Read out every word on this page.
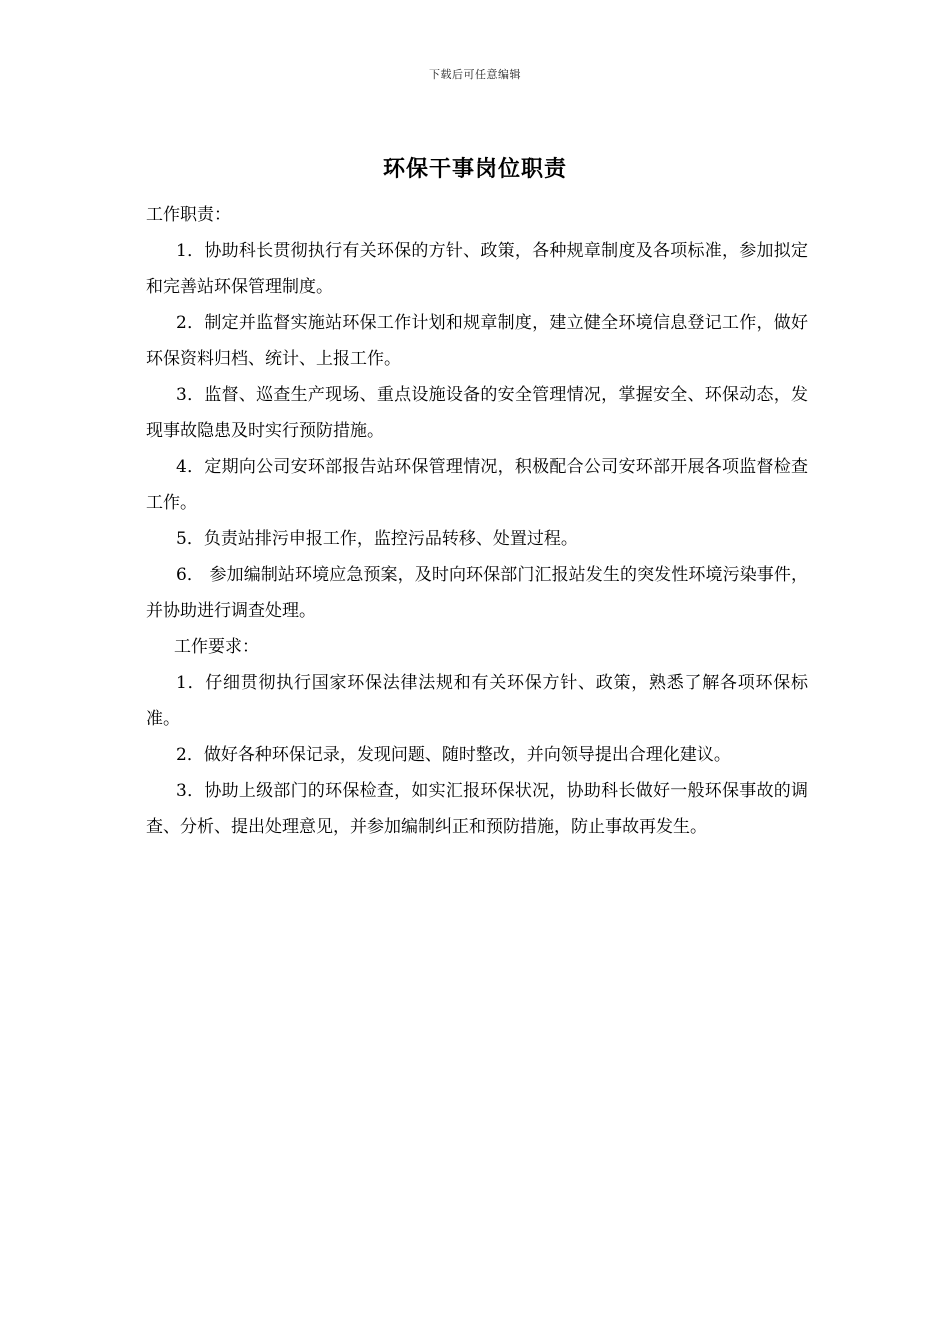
下载后可任意编辑
环保干事岗位职责

工作职责：

1．协助科长贯彻执行有关环保的方针、政策，各种规章制度及各项标准，参加拟定和完善站环保管理制度。

2．制定并监督实施站环保工作计划和规章制度，建立健全环境信息登记工作，做好环保资料归档、统计、上报工作。

3．监督、巡查生产现场、重点设施设备的安全管理情况，掌握安全、环保动态，发现事故隐患及时实行预防措施。

4．定期向公司安环部报告站环保管理情况，积极配合公司安环部开展各项监督检查工作。

5．负责站排污申报工作，监控污品转移、处置过程。

6． 参加编制站环境应急预案，及时向环保部门汇报站发生的突发性环境污染事件，并协助进行调查处理。

工作要求：

1．仔细贯彻执行国家环保法律法规和有关环保方针、政策，熟悉了解各项环保标准。

2．做好各种环保记录，发现问题、随时整改，并向领导提出合理化建议。

3．协助上级部门的环保检查，如实汇报环保状况，协助科长做好一般环保事故的调查、分析、提出处理意见，并参加编制纠正和预防措施，防止事故再发生。
